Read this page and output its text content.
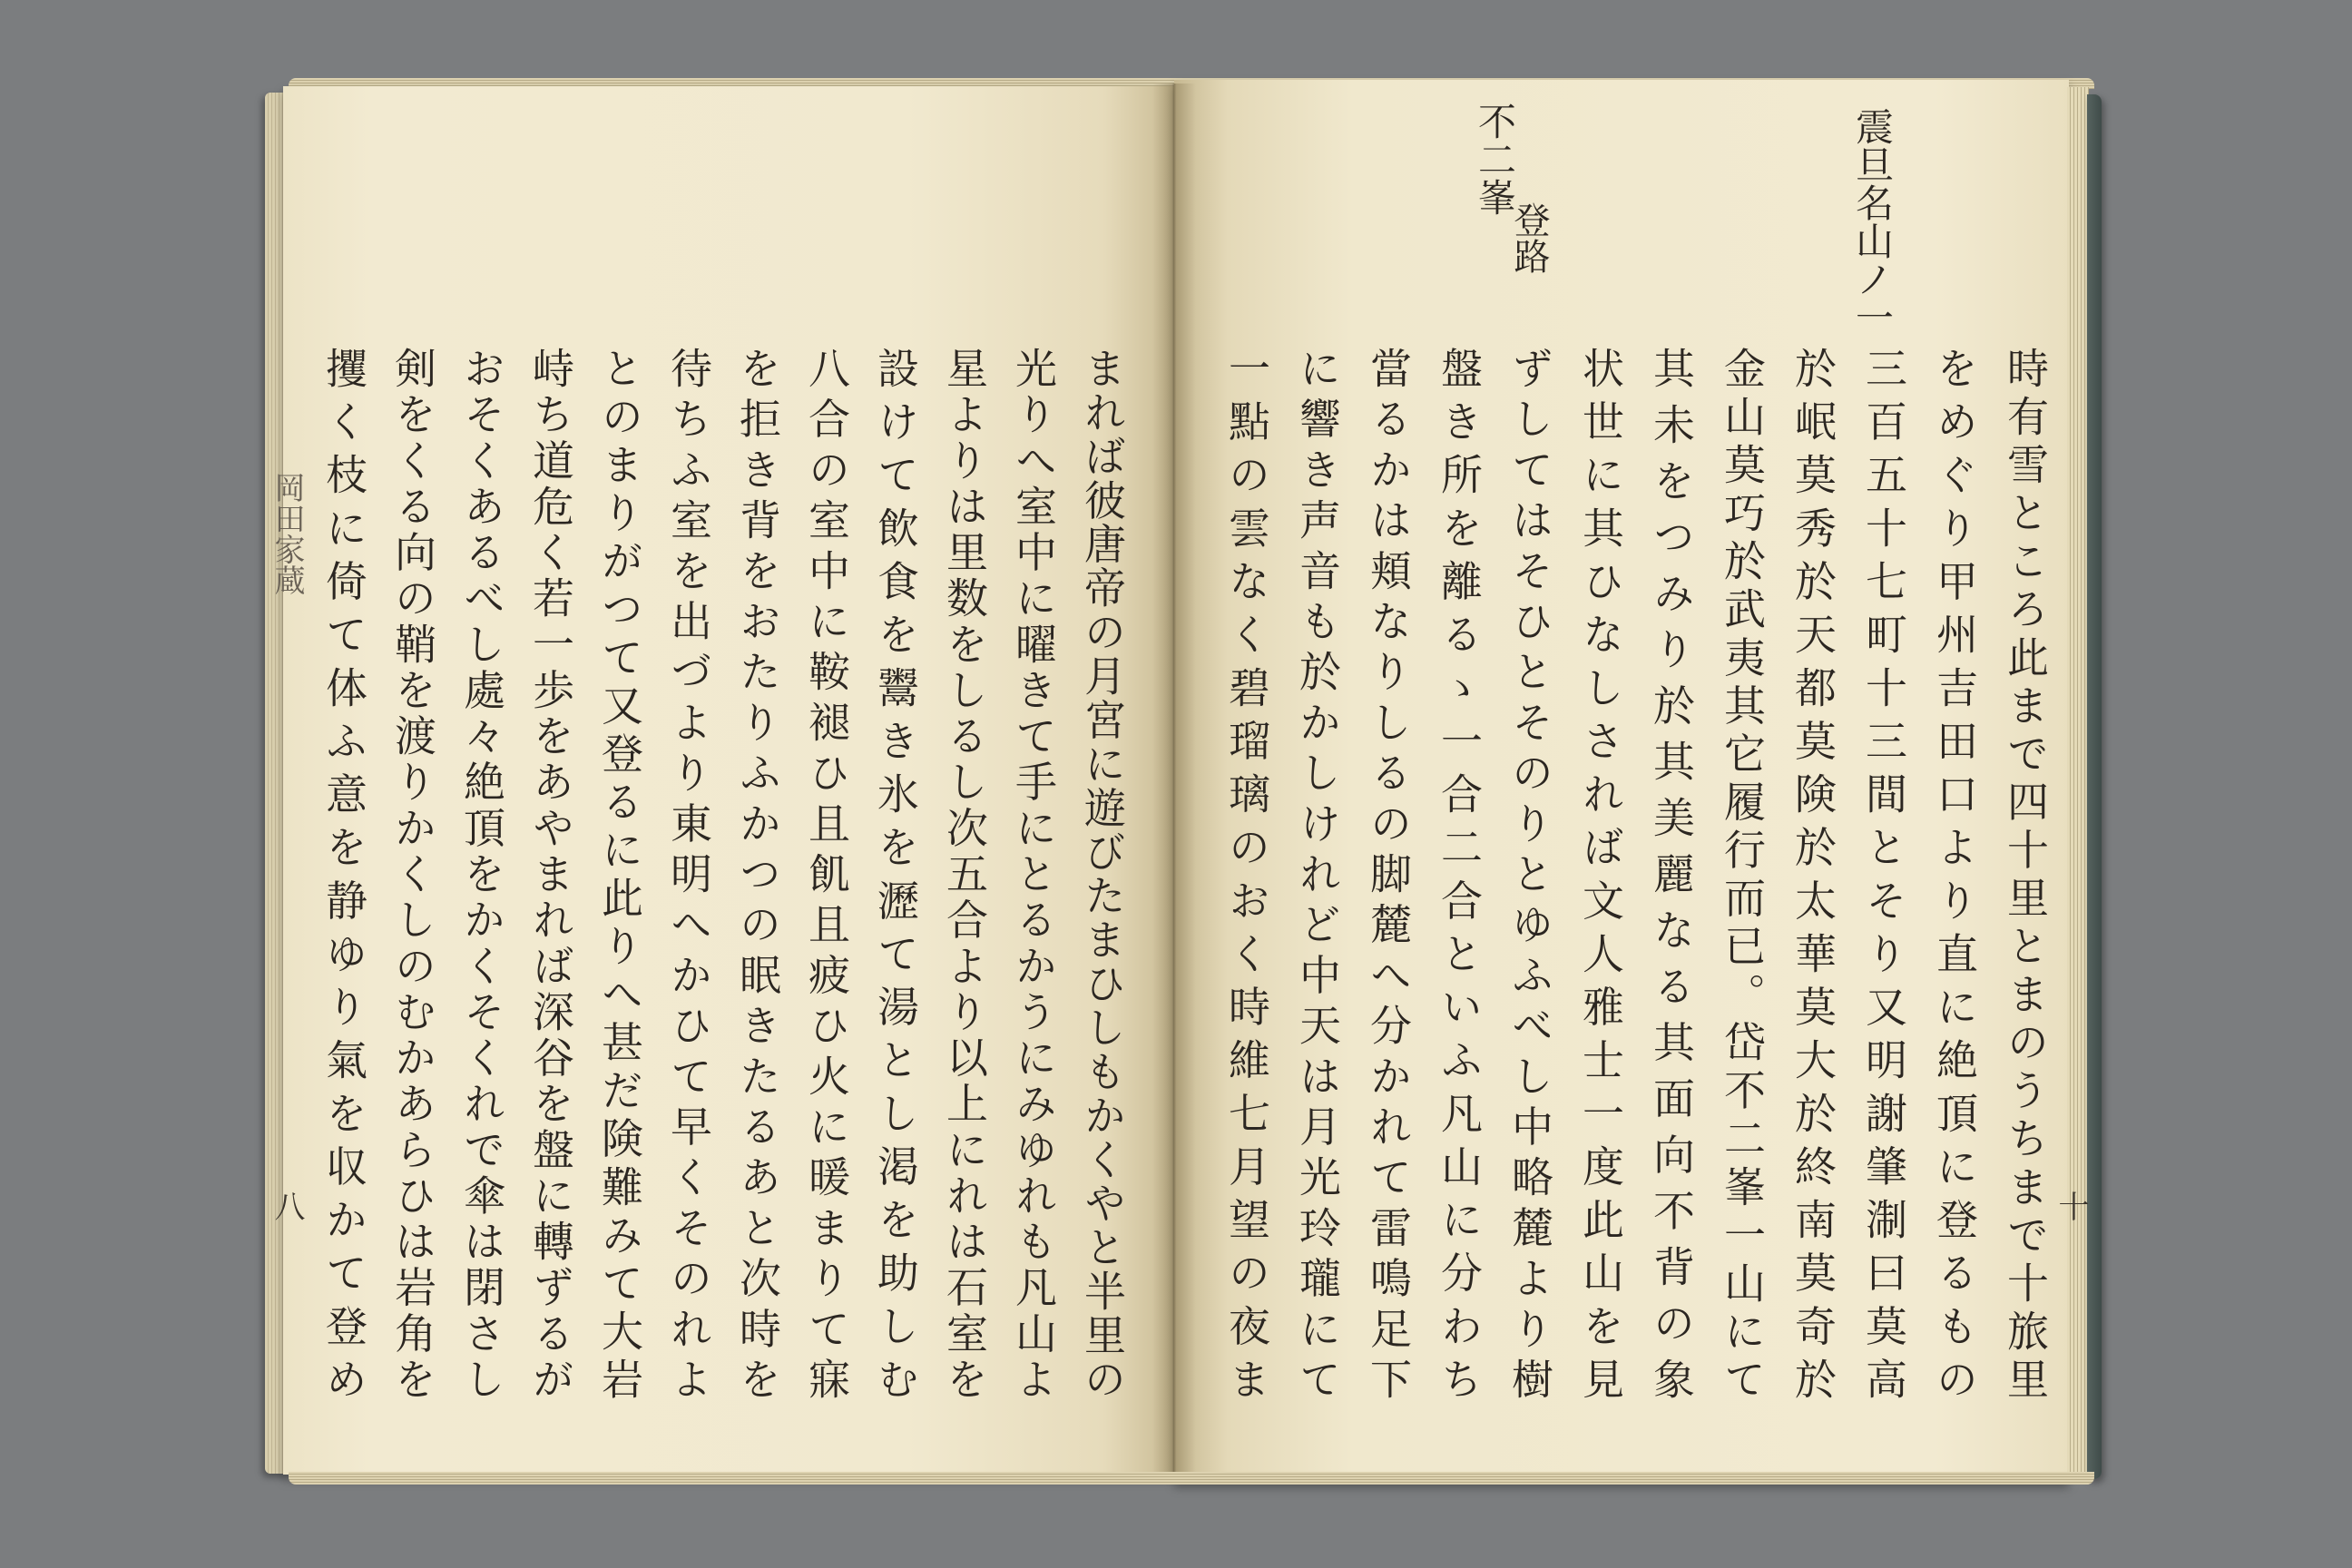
震旦名山ノ一
不二峯
登路
十
時有雪ところ此まで四十里とまのうちまで十旅里
をめぐり甲州吉田口より直に絶頂に登るもの
三百五十七町十三間とそり又明謝肇淛曰莫高
於岷莫秀於天都莫険於太華莫大於終南莫奇於
金山莫巧於武夷其它履行而已。岱不二峯一山にて
其未をつみり於其美麗なる其面向不背の象
状世に其ひなしされば文人雅士一度此山を見
ずしてはそひとそのりとゆふべし中略麓より樹
盤き所を離るゝ一合二合といふ凡山に分わち
當るかは頬なりしるの脚麓へ分かれて雷鳴足下
に響き声音も於かしけれど中天は月光玲瓏にて
一點の雲なく碧瑠璃のおく時維七月望の夜ま
まれば彼唐帝の月宮に遊びたまひしもかくやと半里の
光りへ室中に曜きて手にとるかうにみゆれも凡山よ
星よりは里数をしるし次五合より以上にれは石室を
設けて飲食を鬻き氷を瀝て湯とし渇を助しむ
八合の室中に鞍褪ひ且飢且疲ひ火に暖まりて寐
を拒き背をおたりふかつの眠きたるあと次時を
待ちふ室を出づより東明へかひて早くそのれよ
とのまりがつて又登るに此りへ甚だ険難みて大岩
峙ち道危く若一歩をあやまれば深谷を盤に轉ずるが
おそくあるべし處々絶頂をかくそくれで傘は閉さし
剣をくる向の鞘を渡りかくしのむかあらひは岩角を
攫く枝に倚て体ふ意を静ゆり氣を収かて登め
岡田家蔵
八
